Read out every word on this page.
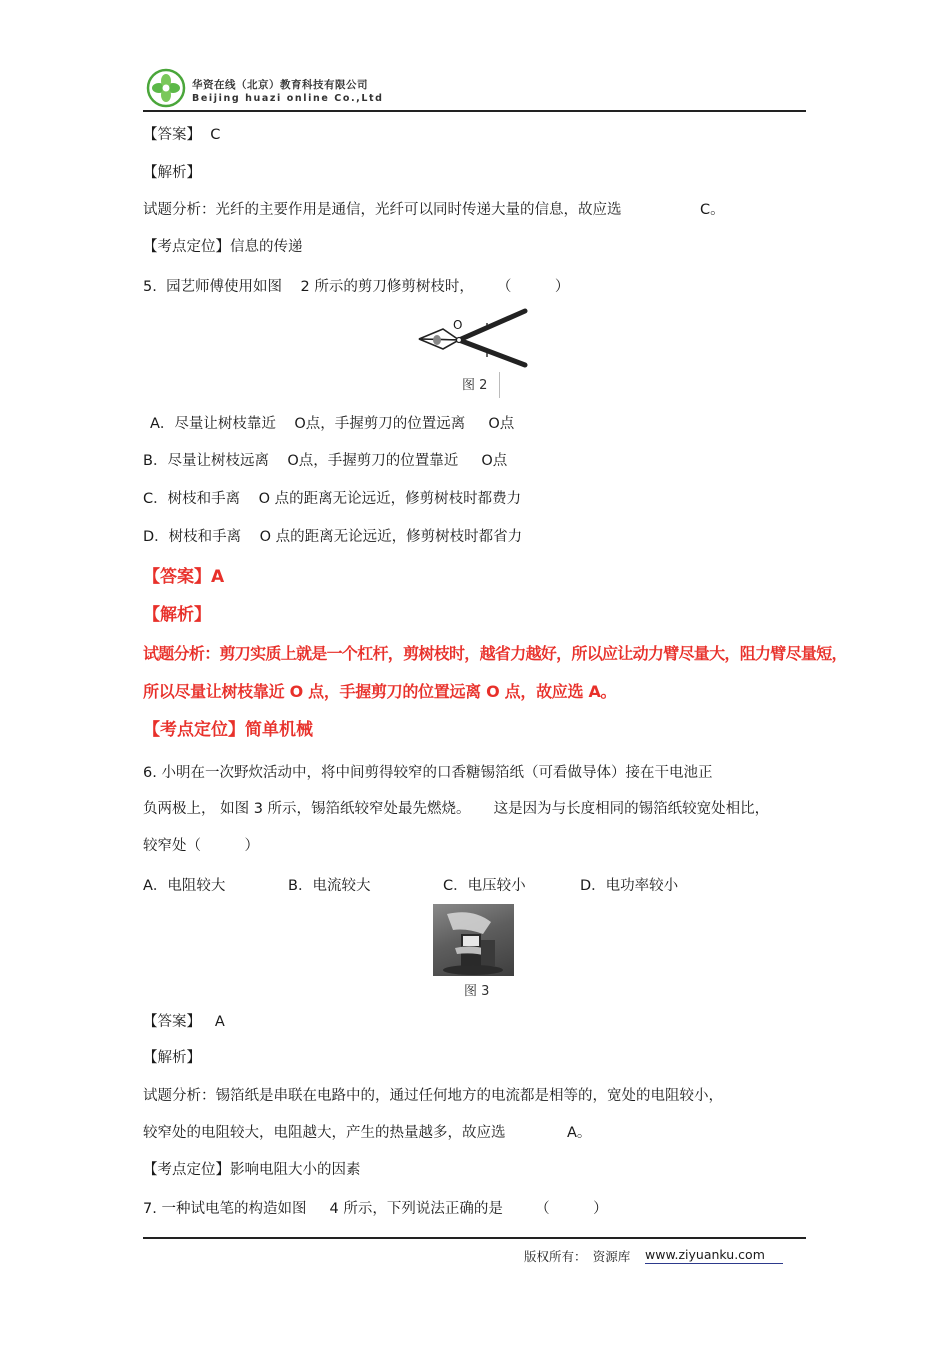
华资在线（北京）教育科技有限公司
Beijing huazi online Co.,Ltd
【答案】 C
【解析】
试题分析：光纤的主要作用是通信，光纤可以同时传递大量的信息，故应选	C。
【考点定位】信息的传递
5. 园艺师傅使用如图 2 所示的剪刀修剪树枝时， （　　　）
O
图 2
A．尽量让树枝靠近 O点，手握剪刀的位置远离 O点
B．尽量让树枝远离 O点，手握剪刀的位置靠近 O点
C．树枝和手离 O 点的距离无论远近，修剪树枝时都费力
D．树枝和手离 O 点的距离无论远近，修剪树枝时都省力
【答案】A
【解析】
试题分析：剪刀实质上就是一个杠杆，剪树枝时，越省力越好，所以应让动力臂尽量大，阻力臂尽量短，
所以尽量让树枝靠近 O 点，手握剪刀的位置远离 O 点，故应选 A。
【考点定位】简单机械
6. 小明在一次野炊活动中，将中间剪得较窄的口香糖锡箔纸（可看做导体）接在干电池正
负两极上， 如图 3 所示，锡箔纸较窄处最先燃烧。 这是因为与长度相同的锡箔纸较宽处相比，
较窄处（　　　）
A．电阻较大	B．电流较大	C．电压较小	D．电功率较小
图 3
【答案】 A
【解析】
试题分析：锡箔纸是串联在电路中的，通过任何地方的电流都是相等的，宽处的电阻较小，
较窄处的电阻较大，电阻越大，产生的热量越多，故应选	A。
【考点定位】影响电阻大小的因素
7. 一种试电笔的构造如图 4 所示，下列说法正确的是 （　　　）
版权所有：　资源库 www.ziyuanku.com
